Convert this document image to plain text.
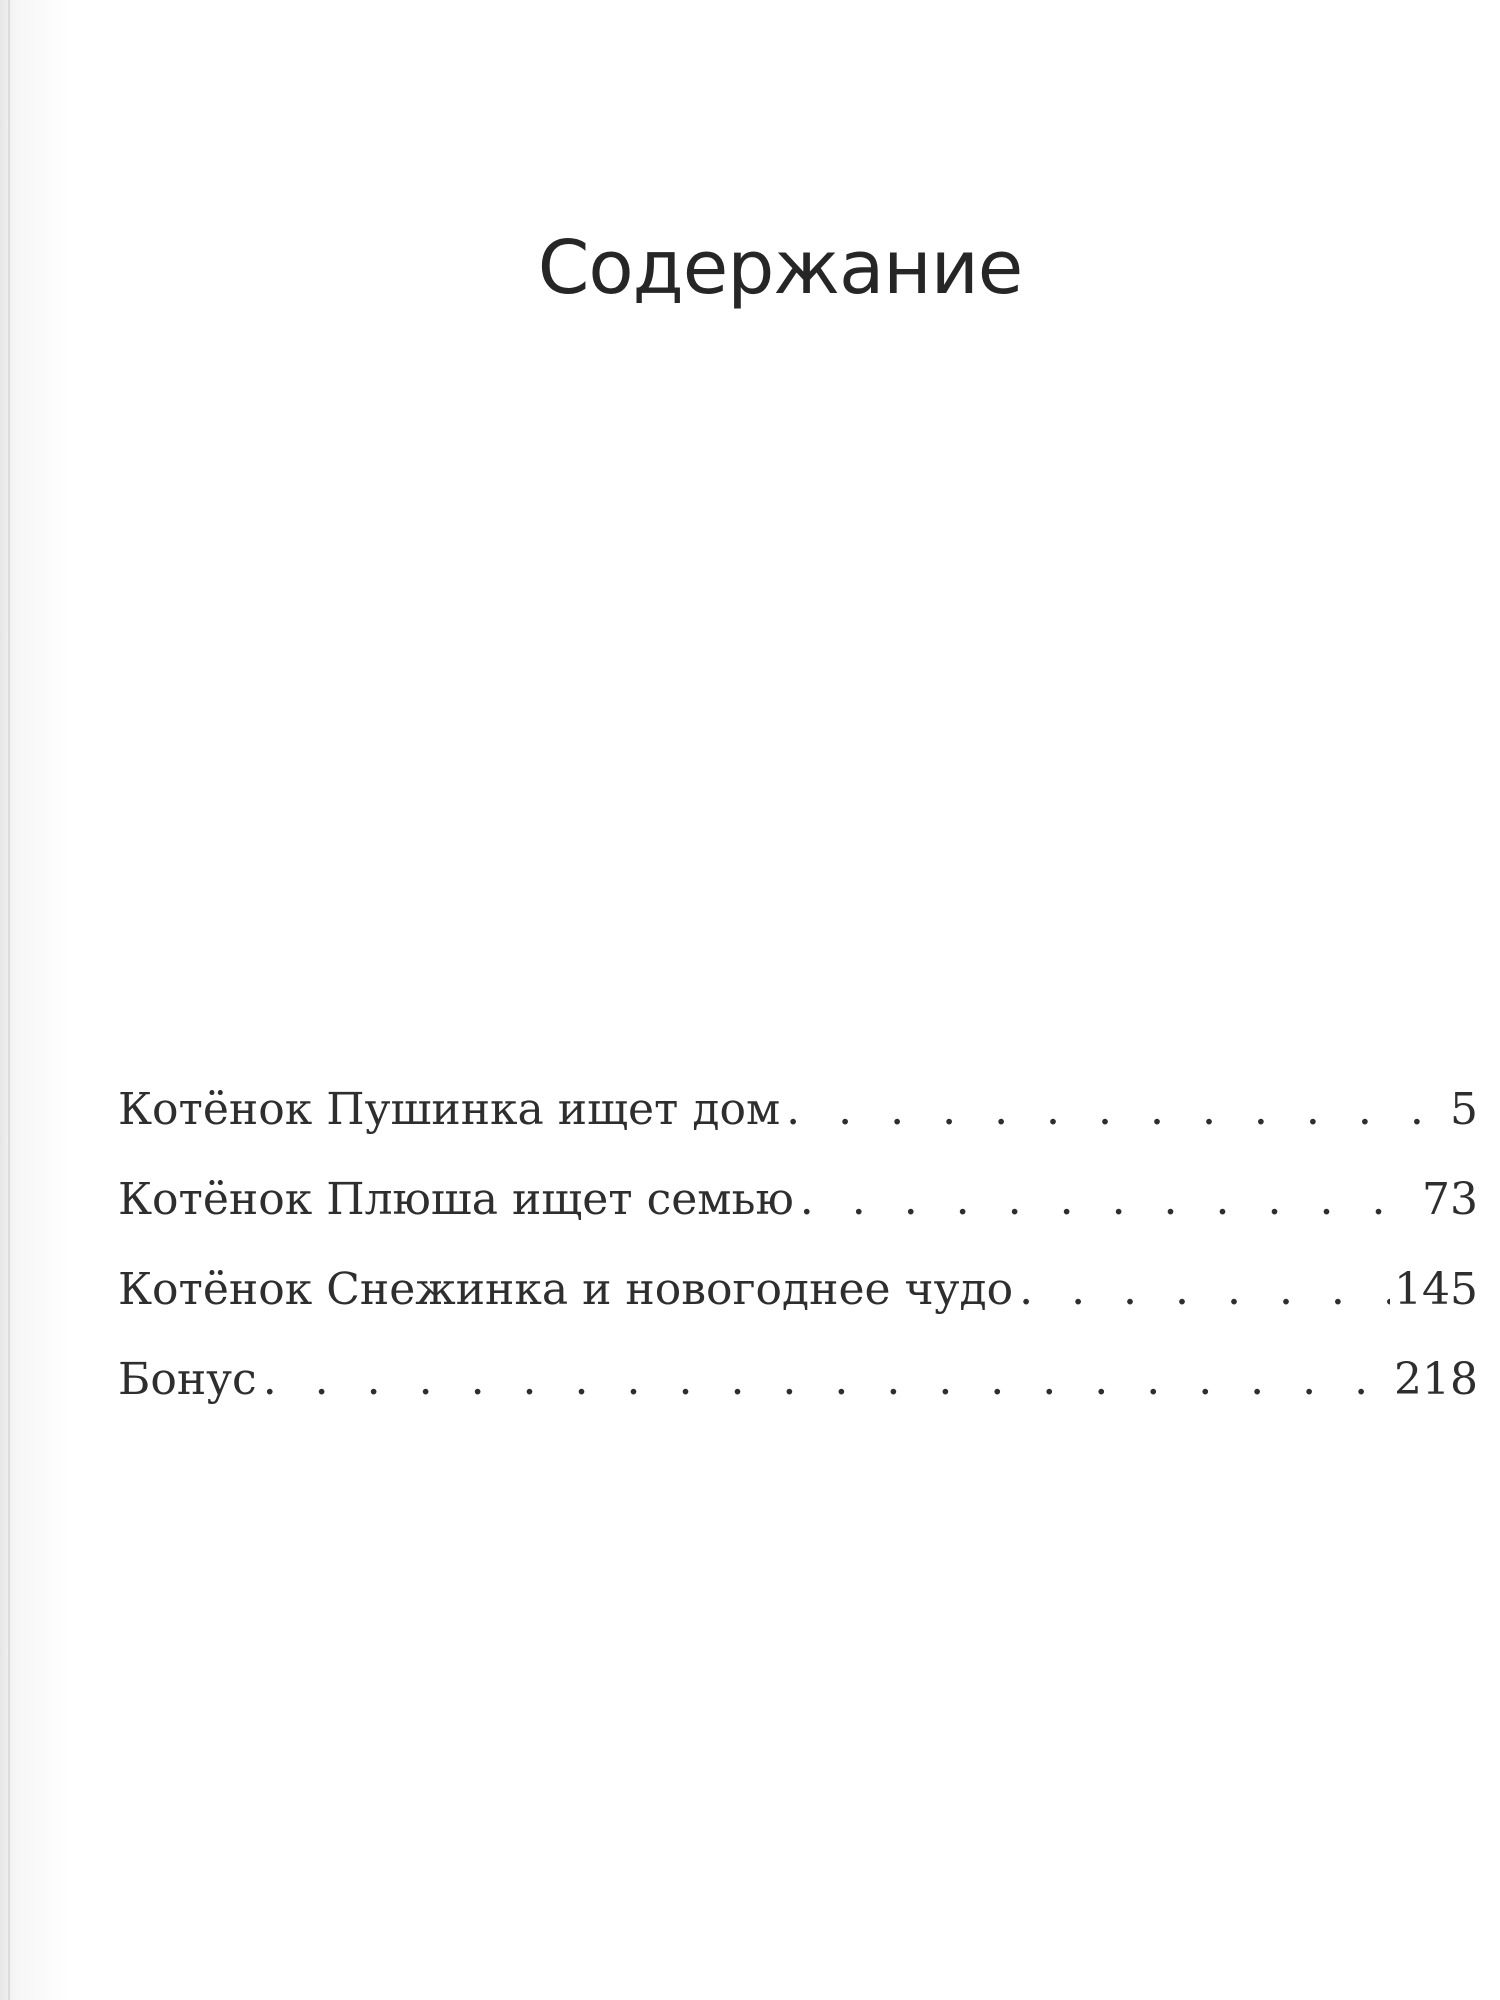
Содержание
Котёнок Пушинка ищет дом . . .	5
Котёнок Плюша ищет семью . . .	73
Котёнок Снежинка и новогоднее чудо . . .	145
Бонус . . .	218
